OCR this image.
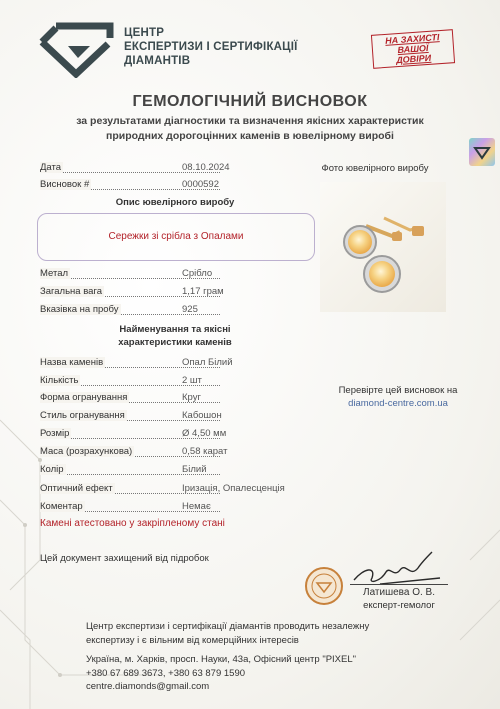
ЦЕНТР
ЕКСПЕРТИЗИ І СЕРТИФІКАЦІЇ
ДІАМАНТІВ
НА ЗАХИСТІ
ВАШОЇ
ДОВІРИ
ГЕМОЛОГІЧНИЙ ВИСНОВОК
за результатами діагностики та визначення якісних характеристик
природних дорогоцінних каменів в ювелірному виробі
Дата	08.10.2024
Висновок #	0000592
Опис ювелірного виробу
Сережки зі срібла з Опалами
Фото ювелірного виробу
Метал	Срібло
Загальна вага	1,17 грам
Вказівка на пробу	925
Найменування та якісні
характеристики каменів
Назва каменів	Опал Білий
Кількість	2 шт
Форма огранування	Круг
Стиль огранування	Кабошон
Розмір	Ø 4,50 мм
Маса (розрахункова)	0,58 карат
Колір	Білий
Оптичний ефект	Іризація, Опалесценція
Коментар	Немає
Камені атестовано у закріпленому стані
Перевірте цей висновок на
diamond-centre.com.ua
Цей документ захищений від підробок
Латишева О. В.
експерт-гемолог
Центр експертизи і сертифікації діамантів проводить незалежну
експертизу і є вільним від комерційних інтересів
Україна, м. Харків, просп. Науки, 43а, Офісний центр "PIXEL"
+380 67 689 3673, +380 63 879 1590
centre.diamonds@gmail.com
